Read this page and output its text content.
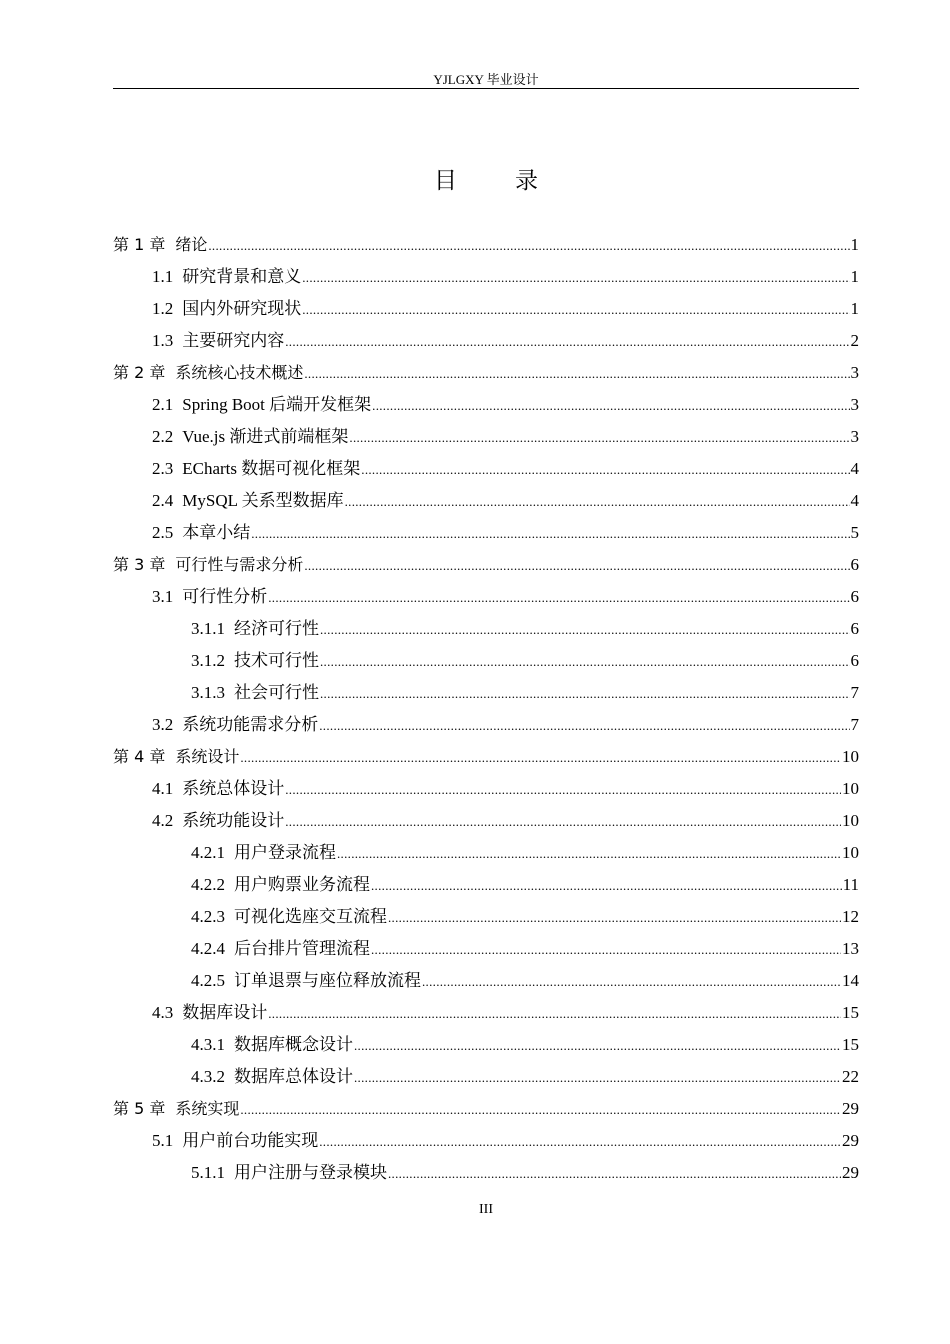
YJLGXY 毕业设计
目录
第 1 章 绪论 .....	1
1.1 研究背景和意义 .....	1
1.2 国内外研究现状 .....	1
1.3 主要研究内容 .....	2
第 2 章 系统核心技术概述 .....	3
2.1 Spring Boot 后端开发框架 .....	3
2.2 Vue.js 渐进式前端框架 .....	3
2.3 ECharts 数据可视化框架 .....	4
2.4 MySQL 关系型数据库 .....	4
2.5 本章小结 .....	5
第 3 章 可行性与需求分析 .....	6
3.1 可行性分析 .....	6
3.1.1 经济可行性 .....	6
3.1.2 技术可行性 .....	6
3.1.3 社会可行性 .....	7
3.2 系统功能需求分析 .....	7
第 4 章 系统设计 .....	10
4.1 系统总体设计 .....	10
4.2 系统功能设计 .....	10
4.2.1 用户登录流程 .....	10
4.2.2 用户购票业务流程 .....	11
4.2.3 可视化选座交互流程 .....	12
4.2.4 后台排片管理流程 .....	13
4.2.5 订单退票与座位释放流程 .....	14
4.3 数据库设计 .....	15
4.3.1 数据库概念设计 .....	15
4.3.2 数据库总体设计 .....	22
第 5 章 系统实现 .....	29
5.1 用户前台功能实现 .....	29
5.1.1 用户注册与登录模块 .....	29
III
